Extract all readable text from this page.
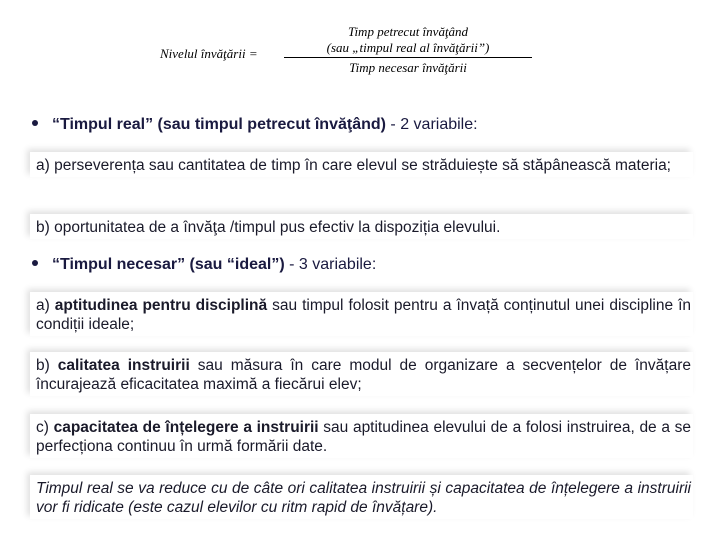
Nivelul învăţării =
Timp petrecut învăţând
(sau „timpul real al învăţării”)
Timp necesar învăţării
“Timpul real” (sau timpul petrecut învăţând) - 2 variabile:
a) perseverența sau cantitatea de timp în care elevul se străduiește să stăpânească materia;
b) oportunitatea de a învăţa /timpul pus efectiv la dispoziția elevului.
“Timpul necesar” (sau “ideal”) - 3 variabile:
a) aptitudinea pentru disciplină sau timpul folosit pentru a învață conținutul unei discipline în condiții ideale;
b) calitatea instruirii sau măsura în care modul de organizare a secvențelor de învățare încurajează eficacitatea maximă a fiecărui elev;
c) capacitatea de înțelegere a instruirii sau aptitudinea elevului de a folosi instruirea, de a se perfecționa continuu în urmă formării date.
Timpul real se va reduce cu de câte ori calitatea instruirii și capacitatea de înțelegere a instruirii vor fi ridicate (este cazul elevilor cu ritm rapid de învățare).
